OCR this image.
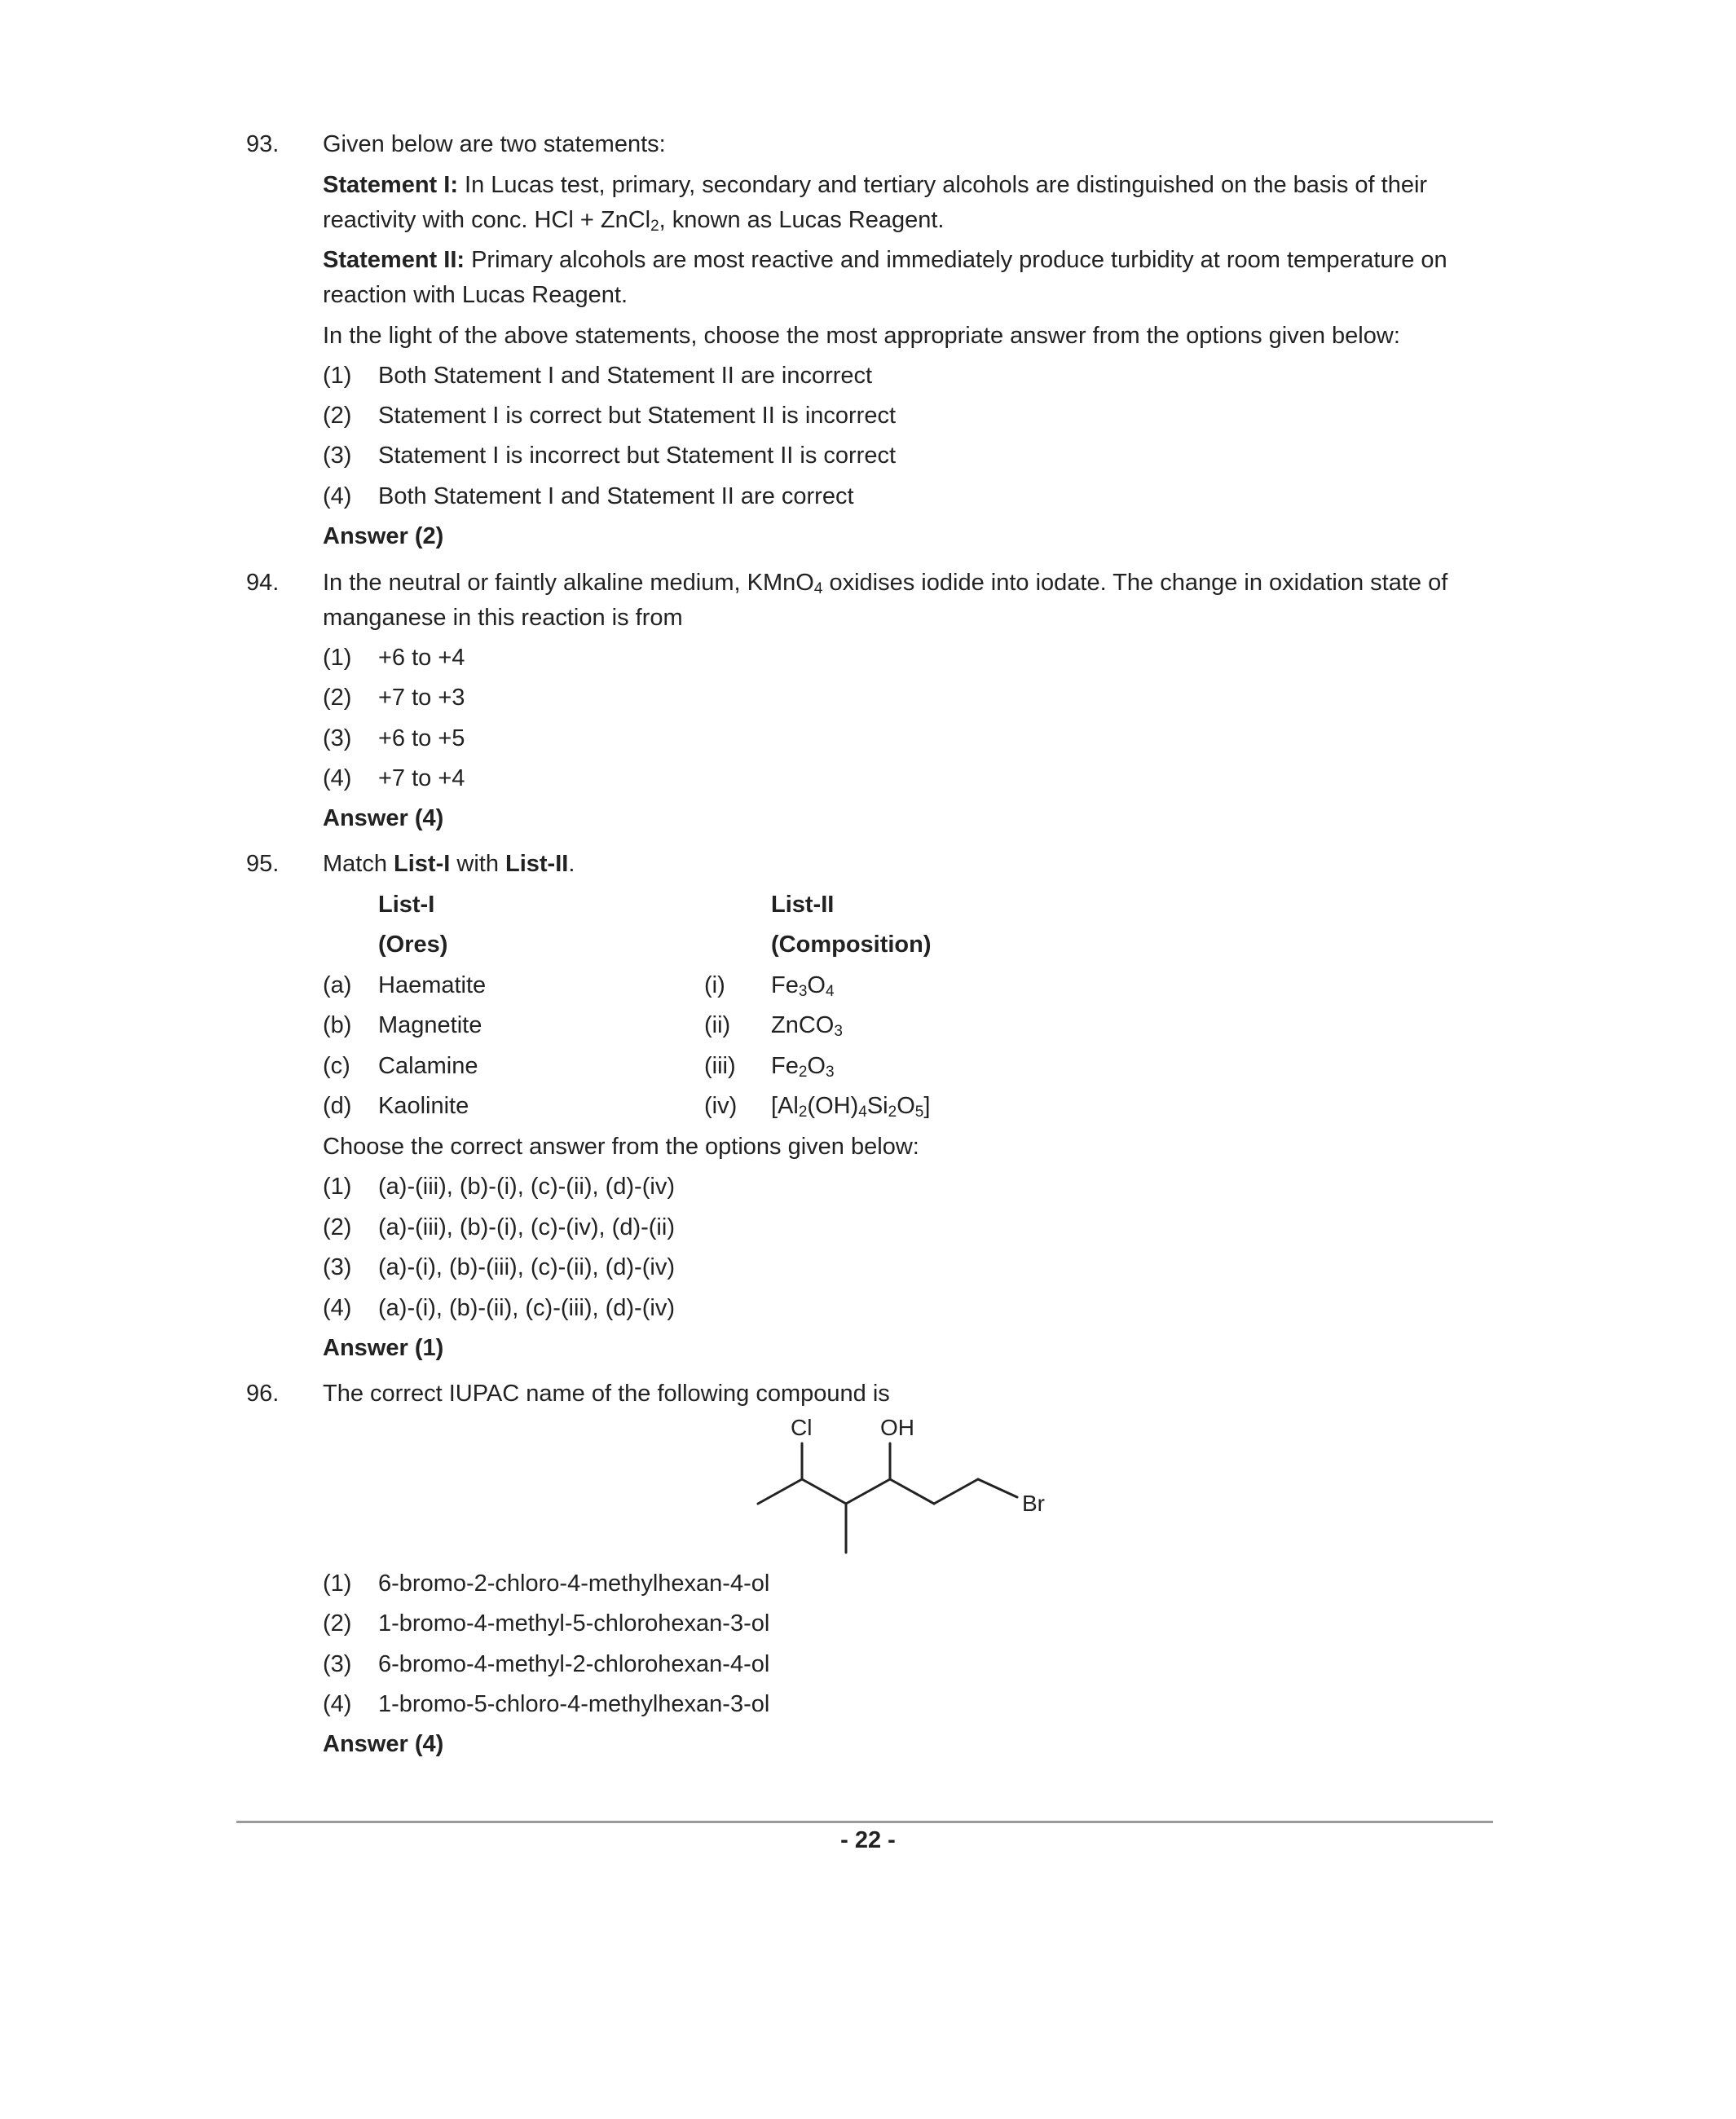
93. Given below are two statements:
Statement I: In Lucas test, primary, secondary and tertiary alcohols are distinguished on the basis of their
reactivity with conc. HCl + ZnCl$_2$, known as Lucas Reagent.
Statement II: Primary alcohols are most reactive and immediately produce turbidity at room temperature on
reaction with Lucas Reagent.
In the light of the above statements, choose the most appropriate answer from the options given below:
(1) Both Statement I and Statement II are incorrect
(2) Statement I is correct but Statement II is incorrect
(3) Statement I is incorrect but Statement II is correct
(4) Both Statement I and Statement II are correct
Answer (2)
94. In the neutral or faintly alkaline medium, KMnO$_4$ oxidises iodide into iodate. The change in oxidation state of
manganese in this reaction is from
(1) +6 to +4
(2) +7 to +3
(3) +6 to +5
(4) +7 to +4
Answer (4)
95. Match List-I with List-II.
List-I	List-II
(Ores)	(Composition)
(a) Haematite	(i) $Fe_3O_4$
(b) Magnetite	(ii) ZnCO$_3$
(c) Calamine	(iii) $Fe_2O_3$
(d) Kaolinite	(iv) $[Al_2(OH)_4Si_2O_5]$
Choose the correct answer from the options given below:
(1) (a)-(iii), (b)-(i), (c)-(ii), (d)-(iv)
(2) (a)-(iii), (b)-(i), (c)-(iv), (d)-(ii)
(3) (a)-(i), (b)-(iii), (c)-(ii), (d)-(iv)
(4) (a)-(i), (b)-(ii), (c)-(iii), (d)-(iv)
Answer (1)
96. The correct IUPAC name of the following compound is
Cl	OH
Br
(1) 6-bromo-2-chloro-4-methylhexan-4-ol
(2) 1-bromo-4-methyl-5-chlorohexan-3-ol
(3) 6-bromo-4-methyl-2-chlorohexan-4-ol
(4) 1-bromo-5-chloro-4-methylhexan-3-ol
Answer (4)
- 22 -
